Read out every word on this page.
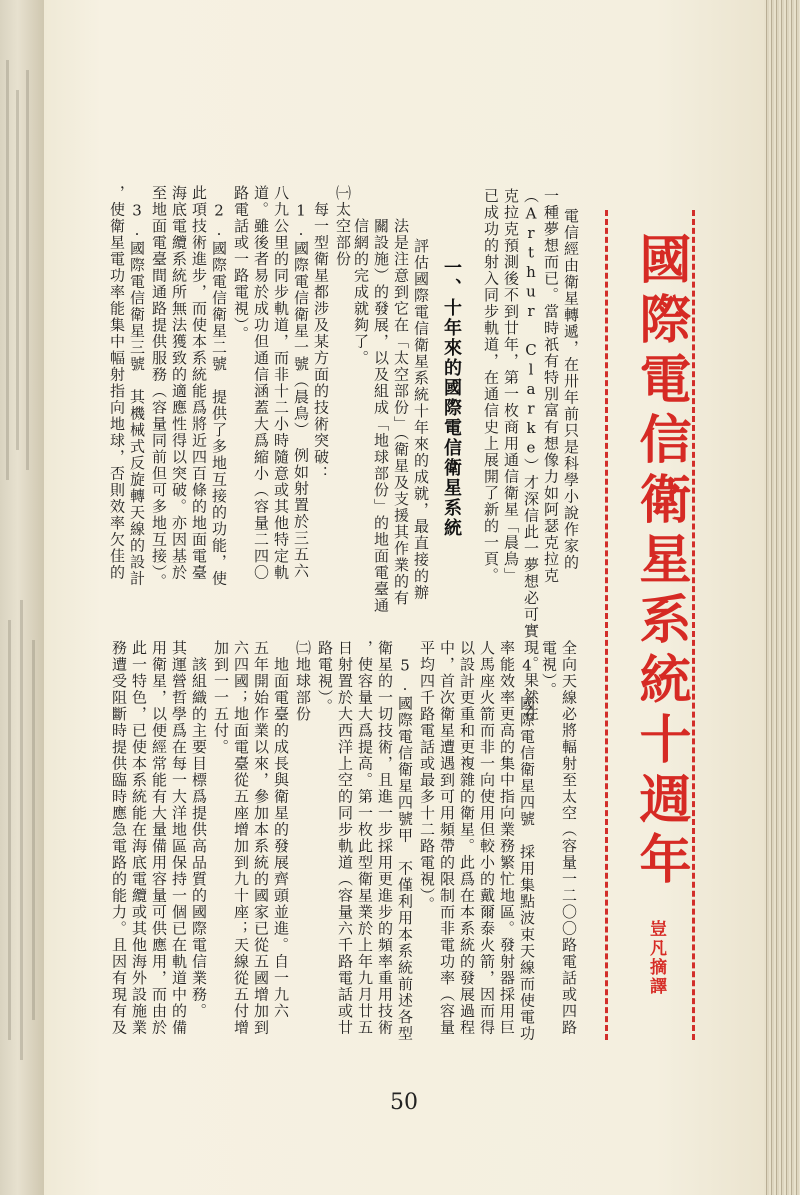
國際電信衛星系統十週年
豈凡摘譯
電信經由衛星轉遞，在卅年前只是科學小說作家的
一種夢想而已。當時祇有特別富有想像力如阿瑟克拉克
（Arthur Clarke）才深信此一夢想必可實現。果然在
克拉克預測後不到廿年，第一枚商用通信衛星「晨鳥」
已成功的射入同步軌道，在通信史上展開了新的一頁。
一、十年來的國際電信衛星系統
評估國際電信衛星系統十年來的成就，最直接的辦
法是注意到它在「太空部份」（衛星及支援其作業的有
關設施）的發展，以及組成「地球部份」的地面電臺通
信網的完成就夠了。
㈠太空部份
　每一型衛星都涉及某方面的技術突破：
　1.國際電信衛星一號（晨鳥）　例如射置於三五六
八九公里的同步軌道，而非十二小時隨意或其他特定軌
道。雖後者易於成功但通信涵蓋大爲縮小（容量二四〇
路電話或一路電視）。
　2.國際電信衛星二號　提供了多地互接的功能，使
此項技術進步，而使本系統能爲將近四百條的地面電臺
海底電纜系統所無法獲致的適應性得以突破。亦因基於
至地面電臺間通路提供服務（容量同前但可多地互接）。
　3.國際電信衛星三號　其機械式反旋轉天線的設計
，使衛星電功率能集中幅射指向地球，否則效率欠佳的
全向天線必將輻射至太空（容量一二〇〇路電話或四路
電視）。
　4.國際電信衛星四號　採用集點波束天線而使電功
率能效率更高的集中指向業務繁忙地區。發射器採用巨
人馬座火箭而非一向使用但較小的戴爾泰火箭，因而得
以設計更重和更複雜的衛星。此爲在本系統的發展過程
中，首次衛星遭遇到可用頻帶的限制而非電功率（容量
平均四千路電話或最多十二路電視）。
　5.國際電信衛星四號甲　不僅利用本系統前述各型
衛星的一切技術，且進一步採用更進步的頻率重用技術
，使容量大爲提高。第一枚此型衛星業於上年九月廿五
日射置於大西洋上空的同步軌道（容量六千路電話或廿
路電視）。
㈡地球部份
　地面電臺的成長與衛星的發展齊頭並進。自一九六
五年開始作業以來，參加本系統的國家已從五國增加到
六四國；地面電臺從五座增加到九十座；天線從五付增
加到一一五付。
　該組織的主要目標爲提供高品質的國際電信業務。
其運營哲學爲在每一大洋地區保持一個已在軌道中的備
用衛星，以便經常能有大量備用容量可供應用，而由於
此一特色，已使本系統能在海底電纜或其他海外設施業
務遭受阻斷時提供臨時應急電路的能力。且因有現有及
50
